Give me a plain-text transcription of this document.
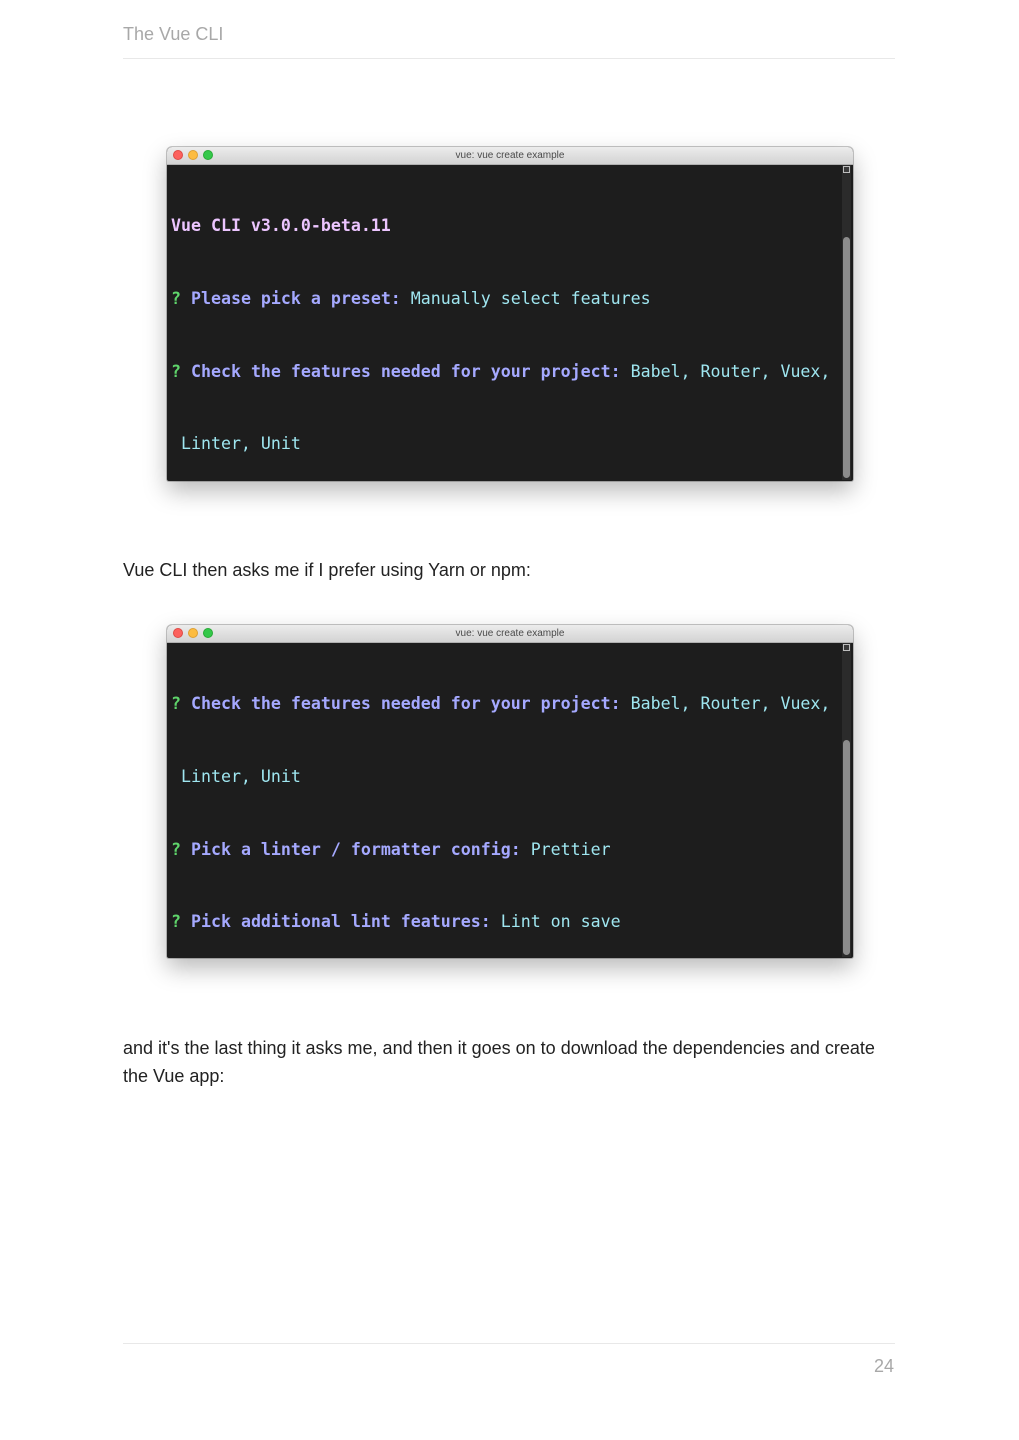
The Vue CLI
vue: vue create example

Vue CLI v3.0.0-beta.11

? Please pick a preset: Manually select features

? Check the features needed for your project: Babel, Router, Vuex,

Linter, Unit

Vue CLI then asks me if I prefer using Yarn or npm:
vue: vue create example

? Check the features needed for your project: Babel, Router, Vuex,

Linter, Unit

? Pick a linter / formatter config: Prettier

? Pick additional lint features: Lint on save

and it's the last thing it asks me, and then it goes on to download the dependencies and create the Vue app:
24
